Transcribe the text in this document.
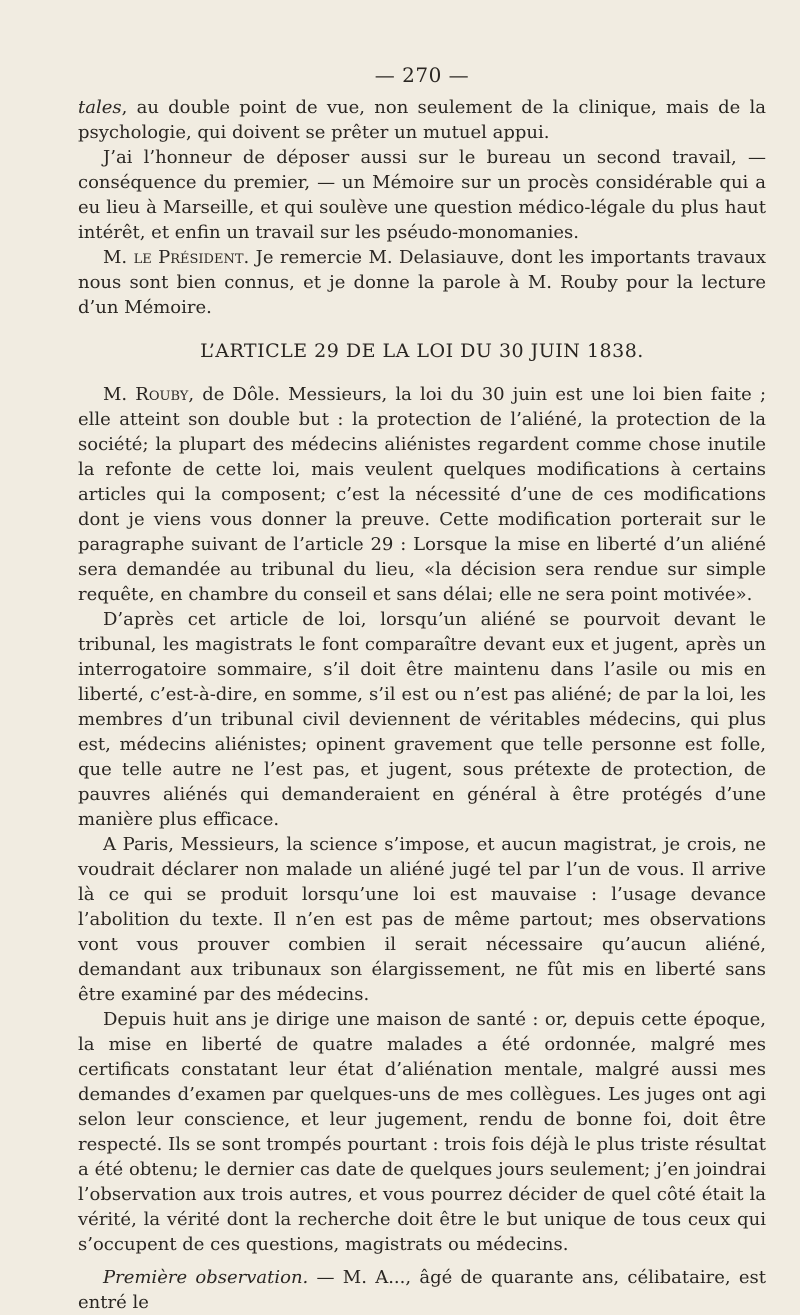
— 270 —

tales, au double point de vue, non seulement de la clinique, mais de la psychologie, qui doivent se prêter un mutuel appui.

J’ai l’honneur de déposer aussi sur le bureau un second travail, — conséquence du premier, — un Mémoire sur un procès considérable qui a eu lieu à Marseille, et qui soulève une question médico-légale du plus haut intérêt, et enfin un travail sur les pséudo-monomanies.

M. le Président. Je remercie M. Delasiauve, dont les importants travaux nous sont bien connus, et je donne la parole à M. Rouby pour la lecture d’un Mémoire.

L’ARTICLE 29 DE LA LOI DU 30 JUIN 1838.

M. Rouby, de Dôle. Messieurs, la loi du 30 juin est une loi bien faite ; elle atteint son double but : la protection de l’aliéné, la protection de la société; la plupart des médecins aliénistes regardent comme chose inutile la refonte de cette loi, mais veulent quelques modifications à certains articles qui la composent; c’est la nécessité d’une de ces modifications dont je viens vous donner la preuve. Cette modification porterait sur le paragraphe suivant de l’article 29 : Lorsque la mise en liberté d’un aliéné sera demandée au tribunal du lieu, «la décision sera rendue sur simple requête, en chambre du conseil et sans délai; elle ne sera point motivée».

D’après cet article de loi, lorsqu’un aliéné se pourvoit devant le tribunal, les magistrats le font comparaître devant eux et jugent, après un interrogatoire sommaire, s’il doit être maintenu dans l’asile ou mis en liberté, c’est-à-dire, en somme, s’il est ou n’est pas aliéné; de par la loi, les membres d’un tribunal civil deviennent de véritables médecins, qui plus est, médecins aliénistes; opinent gravement que telle personne est folle, que telle autre ne l’est pas, et jugent, sous prétexte de protection, de pauvres aliénés qui demanderaient en général à être protégés d’une manière plus efficace.

A Paris, Messieurs, la science s’impose, et aucun magistrat, je crois, ne voudrait déclarer non malade un aliéné jugé tel par l’un de vous. Il arrive là ce qui se produit lorsqu’une loi est mauvaise : l’usage devance l’abolition du texte. Il n’en est pas de même partout; mes observations vont vous prouver combien il serait nécessaire qu’aucun aliéné, demandant aux tribunaux son élargissement, ne fût mis en liberté sans être examiné par des médecins.

Depuis huit ans je dirige une maison de santé : or, depuis cette époque, la mise en liberté de quatre malades a été ordonnée, malgré mes certificats constatant leur état d’aliénation mentale, malgré aussi mes demandes d’examen par quelques-uns de mes collègues. Les juges ont agi selon leur conscience, et leur jugement, rendu de bonne foi, doit être respecté. Ils se sont trompés pourtant : trois fois déjà le plus triste résultat a été obtenu; le dernier cas date de quelques jours seulement; j’en joindrai l’observation aux trois autres, et vous pourrez décider de quel côté était la vérité, la vérité dont la recherche doit être le but unique de tous ceux qui s’occupent de ces questions, magistrats ou médecins.

Première observation. — M. A..., âgé de quarante ans, célibataire, est entré le
